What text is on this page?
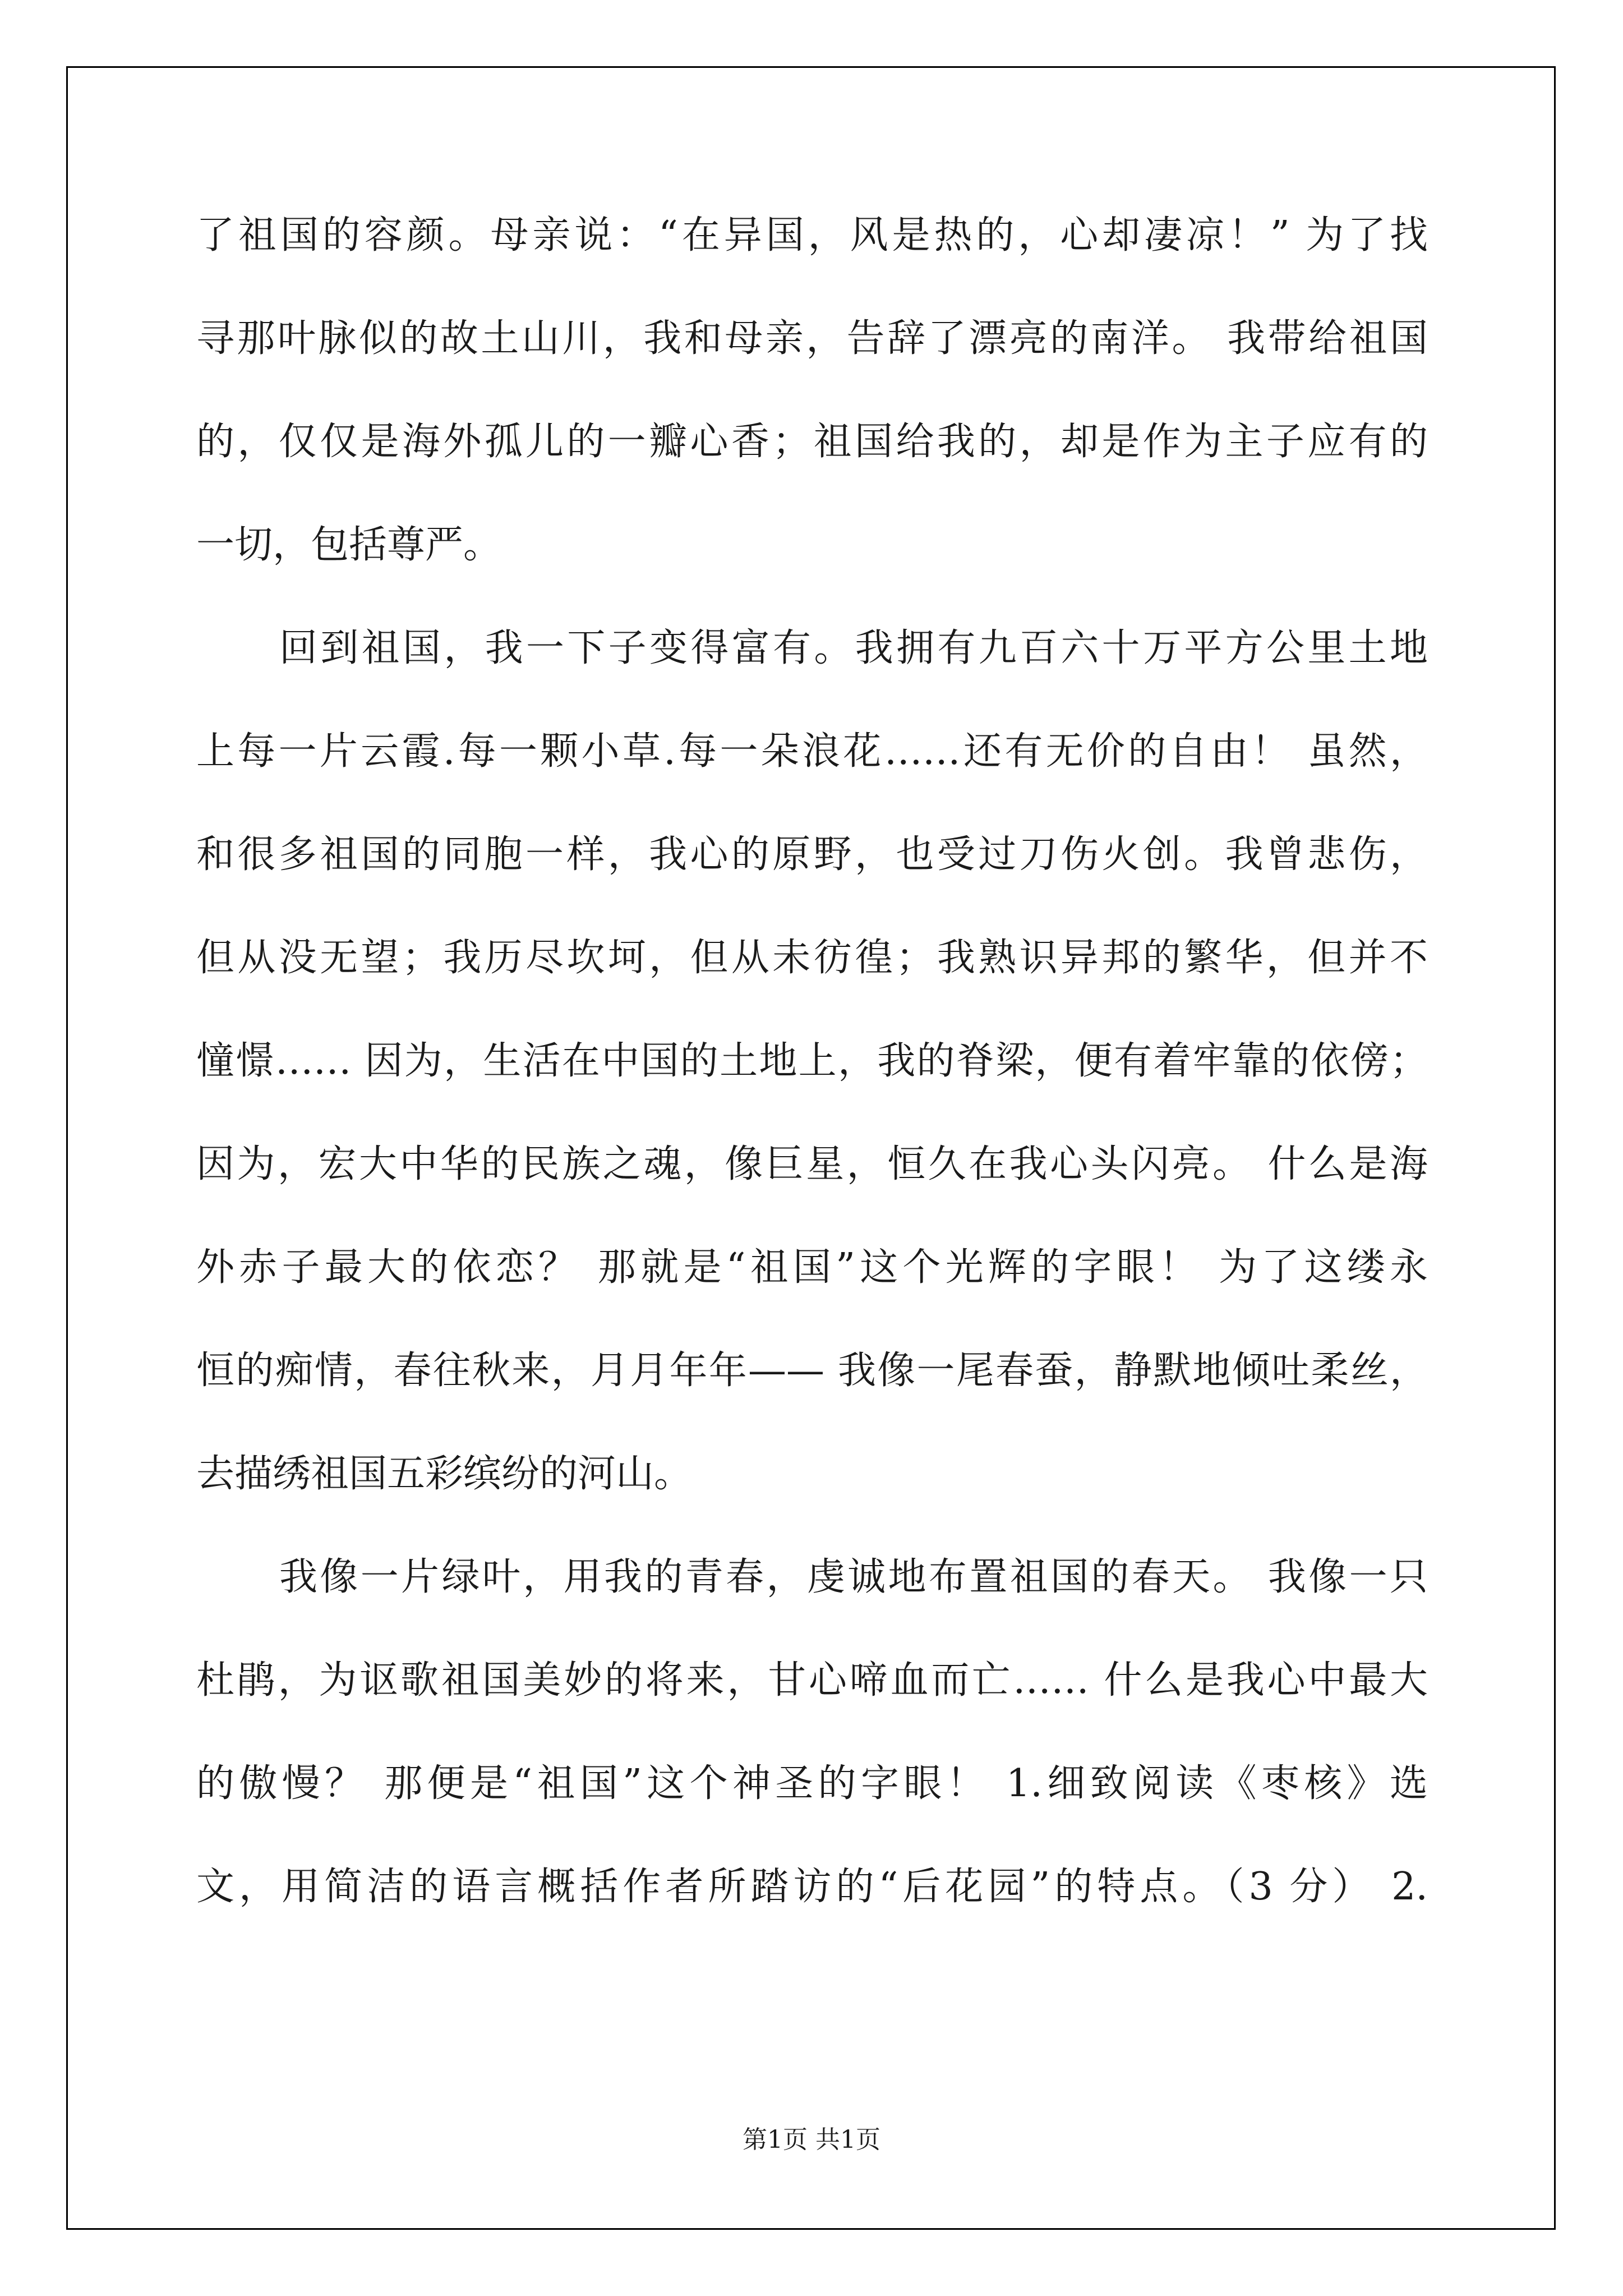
了祖国的容颜。母亲说：“在异国，风是热的，心却凄凉！” 为了找
寻那叶脉似的故土山川，我和母亲，告辞了漂亮的南洋。 我带给祖国
的，仅仅是海外孤儿的一瓣心香；祖国给我的，却是作为主子应有的
一切，包括尊严。
回到祖国，我一下子变得富有。我拥有九百六十万平方公里土地
上每一片云霞.每一颗小草.每一朵浪花……还有无价的自由！ 虽然，
和很多祖国的同胞一样，我心的原野，也受过刀伤火创。我曾悲伤，
但从没无望；我历尽坎坷，但从未彷徨；我熟识异邦的繁华，但并不
憧憬…… 因为，生活在中国的土地上，我的脊梁，便有着牢靠的依傍；
因为，宏大中华的民族之魂，像巨星，恒久在我心头闪亮。 什么是海
外赤子最大的依恋？ 那就是“祖国”这个光辉的字眼！ 为了这缕永
恒的痴情，春往秋来，月月年年—— 我像一尾春蚕，静默地倾吐柔丝，
去描绣祖国五彩缤纷的河山。
我像一片绿叶，用我的青春，虔诚地布置祖国的春天。 我像一只
杜鹃，为讴歌祖国美妙的将来，甘心啼血而亡…… 什么是我心中最大
的傲慢？ 那便是“祖国”这个神圣的字眼！ 1.细致阅读《枣核》选
文，用简洁的语言概括作者所踏访的“后花园”的特点。（3 分） 2.
第1页 共1页
